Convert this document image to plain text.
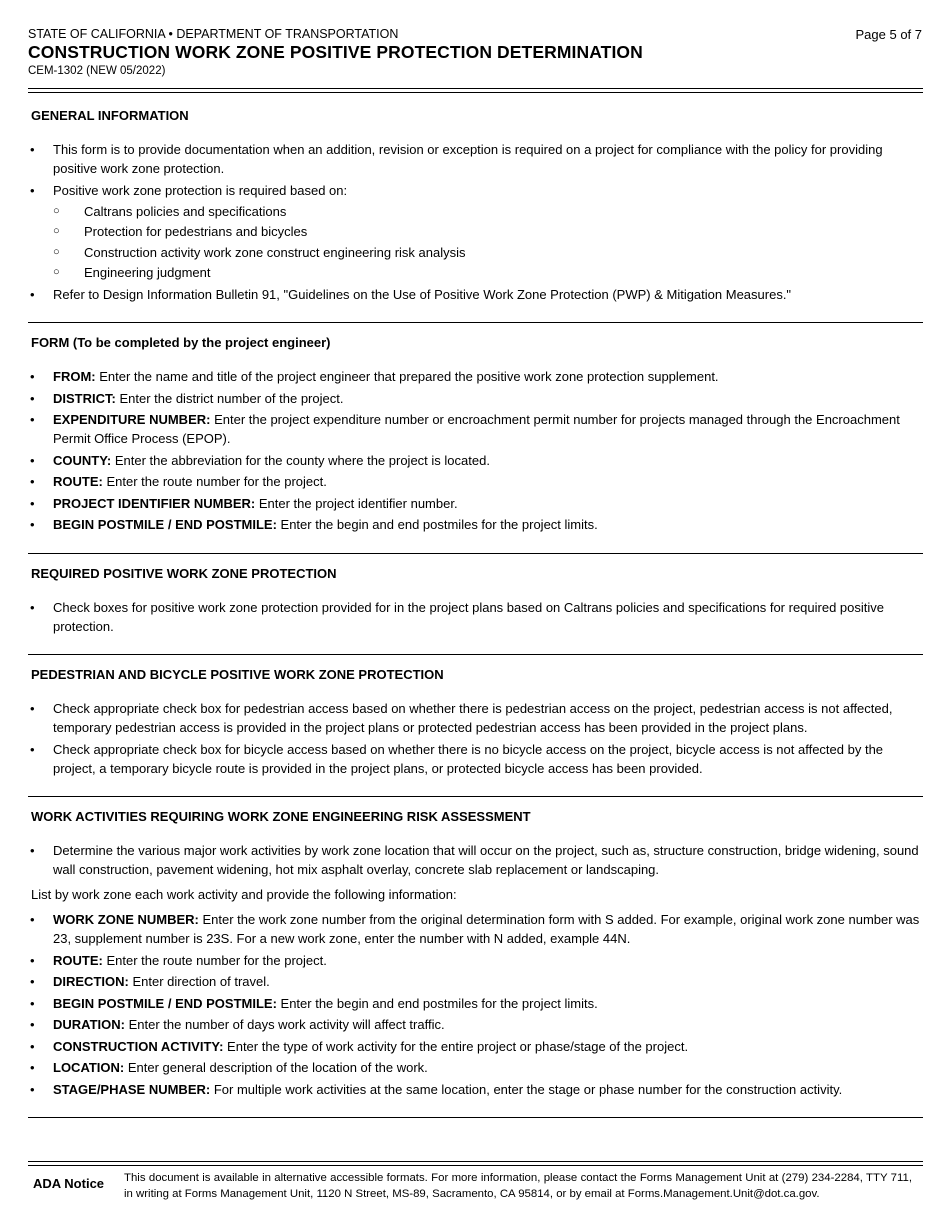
STATE OF CALIFORNIA • DEPARTMENT OF TRANSPORTATION	Page 5 of 7
CONSTRUCTION WORK ZONE POSITIVE PROTECTION DETERMINATION
CEM-1302 (NEW 05/2022)
GENERAL INFORMATION
• This form is to provide documentation when an addition, revision or exception is required on a project for compliance with the policy for providing positive work zone protection.
• Positive work zone protection is required based on:
○ Caltrans policies and specifications
○ Protection for pedestrians and bicycles
○ Construction activity work zone construct engineering risk analysis
○ Engineering judgment
• Refer to Design Information Bulletin 91, "Guidelines on the Use of Positive Work Zone Protection (PWP) & Mitigation Measures."
FORM (To be completed by the project engineer)
• FROM: Enter the name and title of the project engineer that prepared the positive work zone protection supplement.
• DISTRICT: Enter the district number of the project.
• EXPENDITURE NUMBER: Enter the project expenditure number or encroachment permit number for projects managed through the Encroachment Permit Office Process (EPOP).
• COUNTY: Enter the abbreviation for the county where the project is located.
• ROUTE: Enter the route number for the project.
• PROJECT IDENTIFIER NUMBER: Enter the project identifier number.
• BEGIN POSTMILE / END POSTMILE: Enter the begin and end postmiles for the project limits.
REQUIRED POSITIVE WORK ZONE PROTECTION
• Check boxes for positive work zone protection provided for in the project plans based on Caltrans policies and specifications for required positive protection.
PEDESTRIAN AND BICYCLE POSITIVE WORK ZONE PROTECTION
• Check appropriate check box for pedestrian access based on whether there is pedestrian access on the project, pedestrian access is not affected, temporary pedestrian access is provided in the project plans or protected pedestrian access has been provided in the project plans.
• Check appropriate check box for bicycle access based on whether there is no bicycle access on the project, bicycle access is not affected by the project, a temporary bicycle route is provided in the project plans, or protected bicycle access has been provided.
WORK ACTIVITIES REQUIRING WORK ZONE ENGINEERING RISK ASSESSMENT
• Determine the various major work activities by work zone location that will occur on the project, such as, structure construction, bridge widening, sound wall construction, pavement widening, hot mix asphalt overlay, concrete slab replacement or landscaping.
List by work zone each work activity and provide the following information:
• WORK ZONE NUMBER: Enter the work zone number from the original determination form with S added. For example, original work zone number was 23, supplement number is 23S. For a new work zone, enter the number with N added, example 44N.
• ROUTE: Enter the route number for the project.
• DIRECTION: Enter direction of travel.
• BEGIN POSTMILE / END POSTMILE: Enter the begin and end postmiles for the project limits.
• DURATION: Enter the number of days work activity will affect traffic.
• CONSTRUCTION ACTIVITY: Enter the type of work activity for the entire project or phase/stage of the project.
• LOCATION: Enter general description of the location of the work.
• STAGE/PHASE NUMBER: For multiple work activities at the same location, enter the stage or phase number for the construction activity.
ADA Notice This document is available in alternative accessible formats. For more information, please contact the Forms Management Unit at (279) 234-2284, TTY 711, in writing at Forms Management Unit, 1120 N Street, MS-89, Sacramento, CA 95814, or by email at Forms.Management.Unit@dot.ca.gov.
